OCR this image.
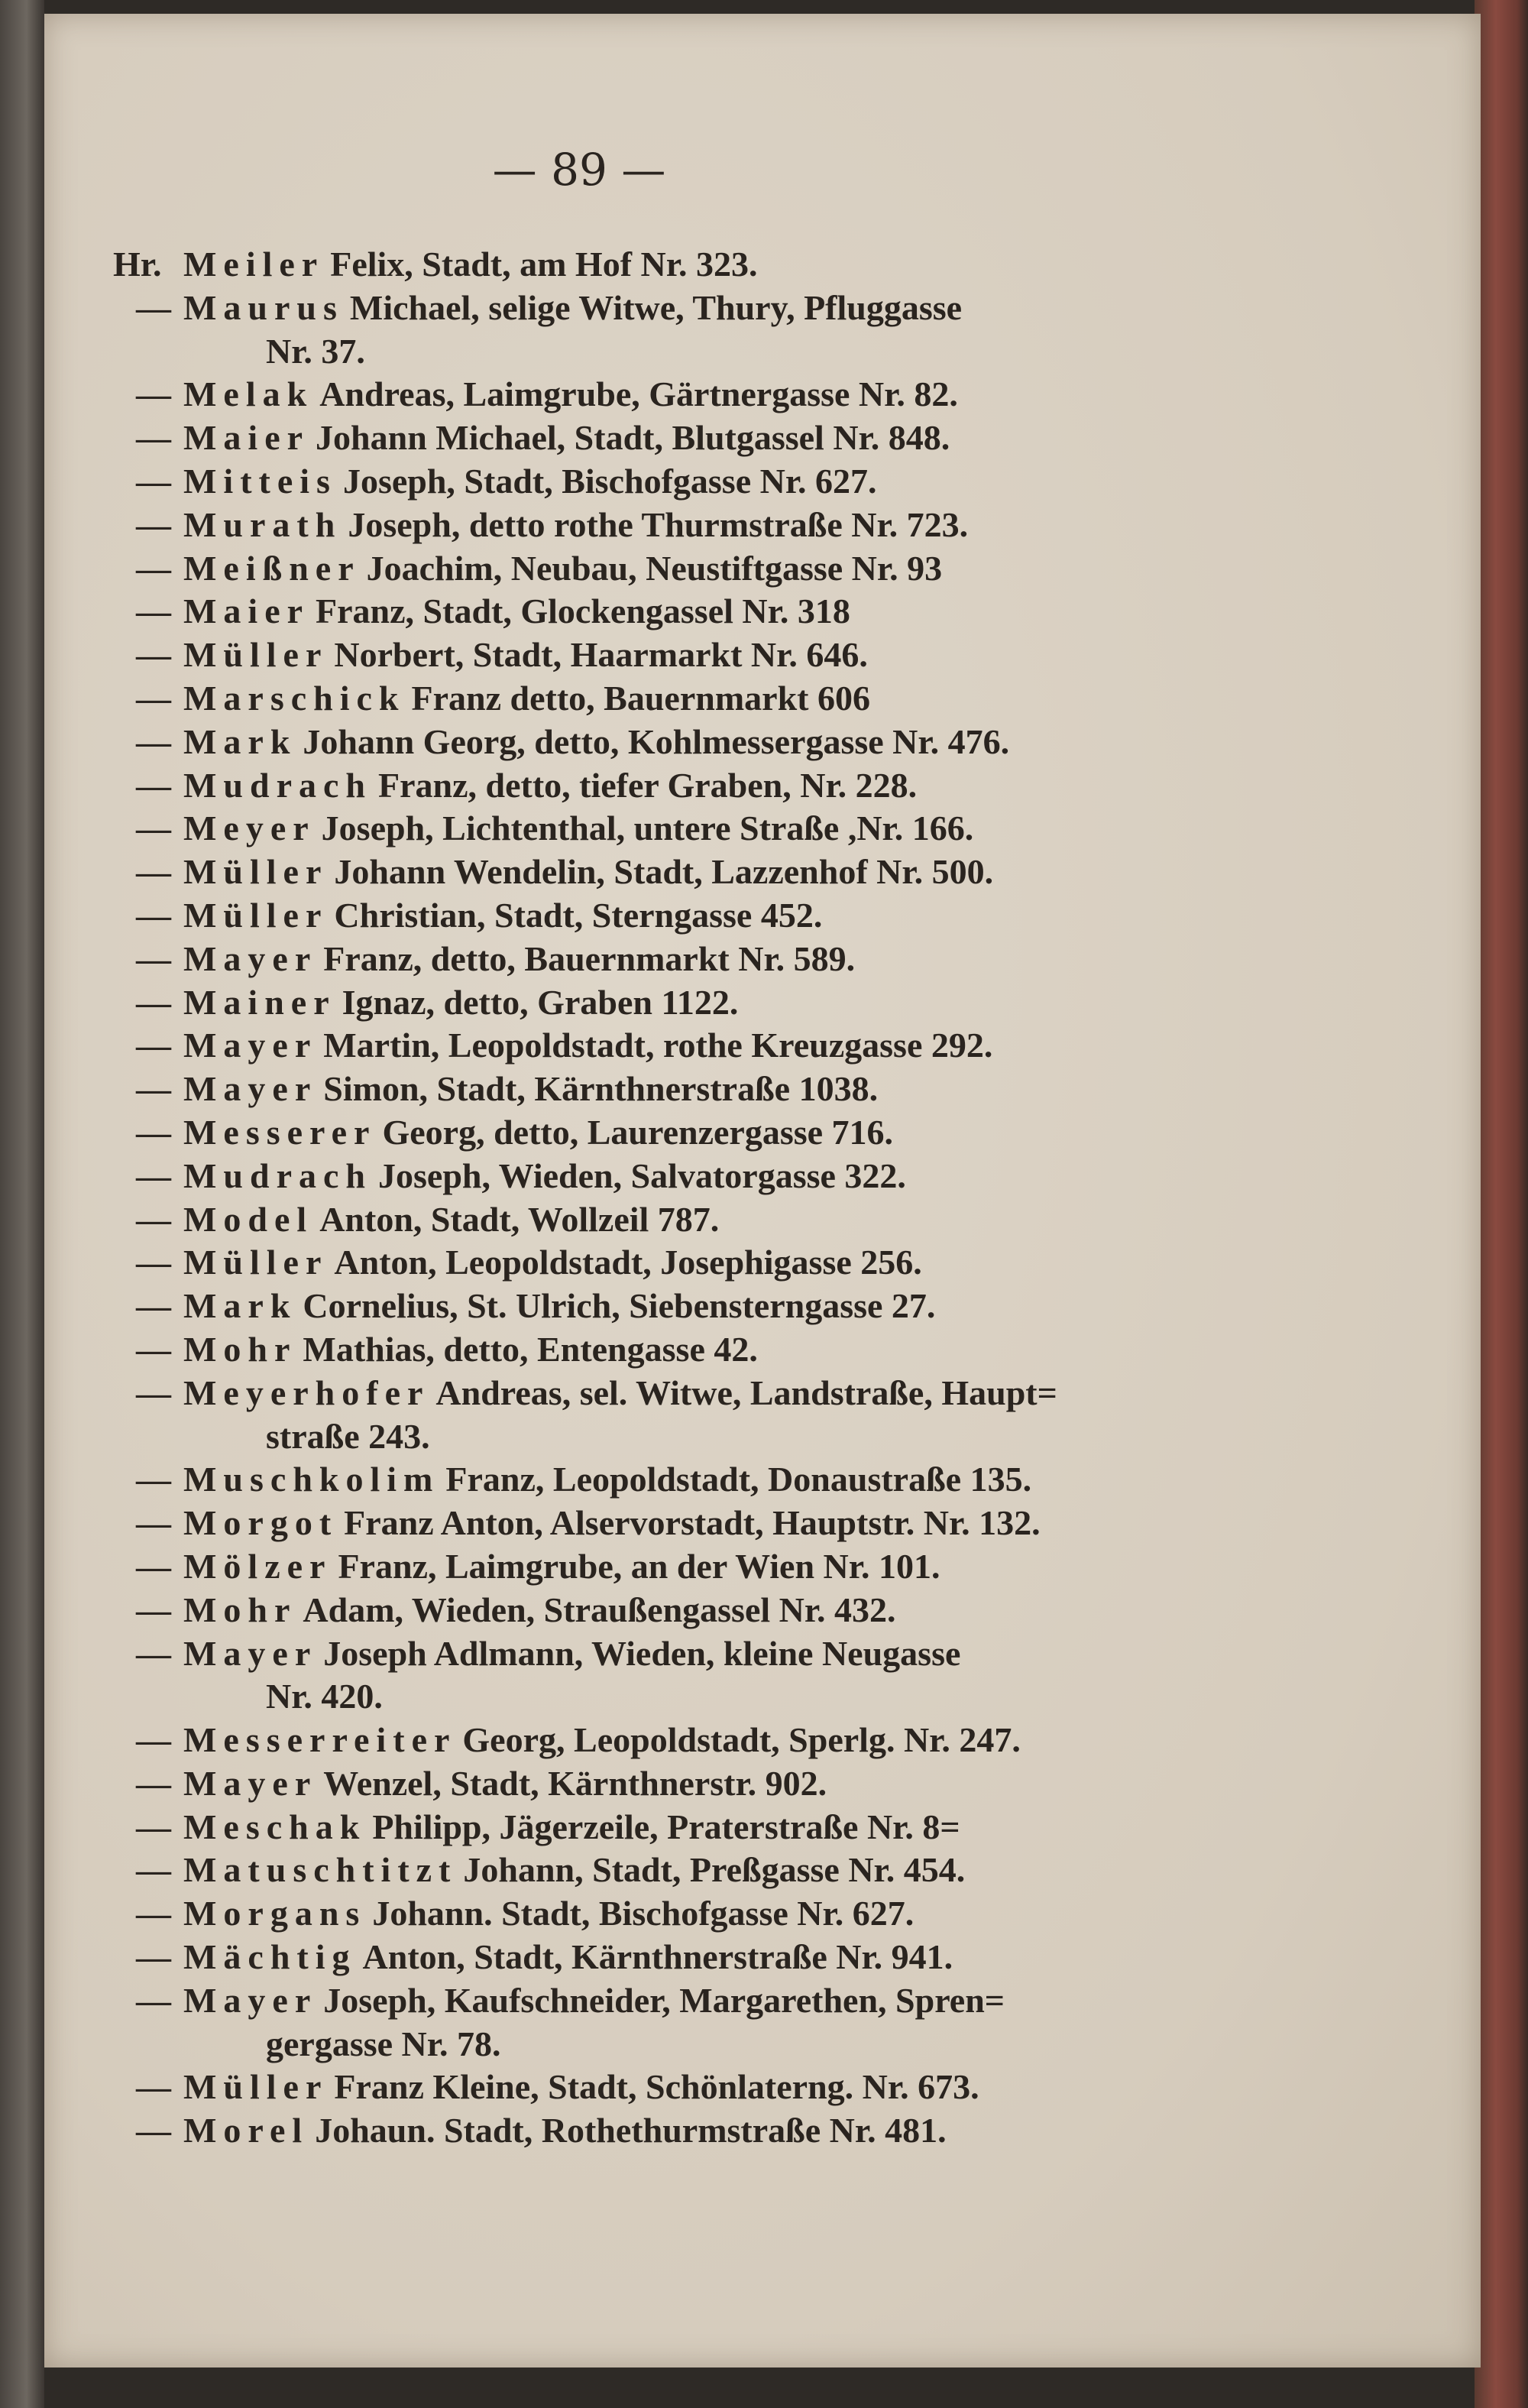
— 89 —
Hr. Meiler Felix, Stadt, am Hof Nr. 323.
— Maurus Michael, selige Witwe, Thury, Pfluggasse
Nr. 37.
— Melak Andreas, Laimgrube, Gärtnergasse Nr. 82.
— Maier Johann Michael, Stadt, Blutgassel Nr. 848.
— Mitteis Joseph, Stadt, Bischofgasse Nr. 627.
— Murath Joseph, detto rothe Thurmstraße Nr. 723.
— Meißner Joachim, Neubau, Neustiftgasse Nr. 93
— Maier Franz, Stadt, Glockengassel Nr. 318
— Müller Norbert, Stadt, Haarmarkt Nr. 646.
— Marschick Franz detto, Bauernmarkt 606
— Mark Johann Georg, detto, Kohlmessergasse Nr. 476.
— Mudrach Franz, detto, tiefer Graben, Nr. 228.
— Meyer Joseph, Lichtenthal, untere Straße ,Nr. 166.
— Müller Johann Wendelin, Stadt, Lazzenhof Nr. 500.
— Müller Christian, Stadt, Sterngasse 452.
— Mayer Franz, detto, Bauernmarkt Nr. 589.
— Mainer Ignaz, detto, Graben 1122.
— Mayer Martin, Leopoldstadt, rothe Kreuzgasse 292.
— Mayer Simon, Stadt, Kärnthnerstraße 1038.
— Messerer Georg, detto, Laurenzergasse 716.
— Mudrach Joseph, Wieden, Salvatorgasse 322.
— Model Anton, Stadt, Wollzeil 787.
— Müller Anton, Leopoldstadt, Josephigasse 256.
— Mark Cornelius, St. Ulrich, Siebensterngasse 27.
— Mohr Mathias, detto, Entengasse 42.
— Meyerhofer Andreas, sel. Witwe, Landstraße, Haupt=
straße 243.
— Muschkolim Franz, Leopoldstadt, Donaustraße 135.
— Morgot Franz Anton, Alservorstadt, Hauptstr. Nr. 132.
— Mölzer Franz, Laimgrube, an der Wien Nr. 101.
— Mohr Adam, Wieden, Straußengassel Nr. 432.
— Mayer Joseph Adlmann, Wieden, kleine Neugasse
Nr. 420.
— Messerreiter Georg, Leopoldstadt, Sperlg. Nr. 247.
— Mayer Wenzel, Stadt, Kärnthnerstr. 902.
— Meschak Philipp, Jägerzeile, Praterstraße Nr. 8=
— Matuschtitzt Johann, Stadt, Preßgasse Nr. 454.
— Morgans Johann. Stadt, Bischofgasse Nr. 627.
— Mächtig Anton, Stadt, Kärnthnerstraße Nr. 941.
— Mayer Joseph, Kaufschneider, Margarethen, Spren=
gergasse Nr. 78.
— Müller Franz Kleine, Stadt, Schönlaterng. Nr. 673.
— Morel Johaun. Stadt, Rothethurmstraße Nr. 481.
